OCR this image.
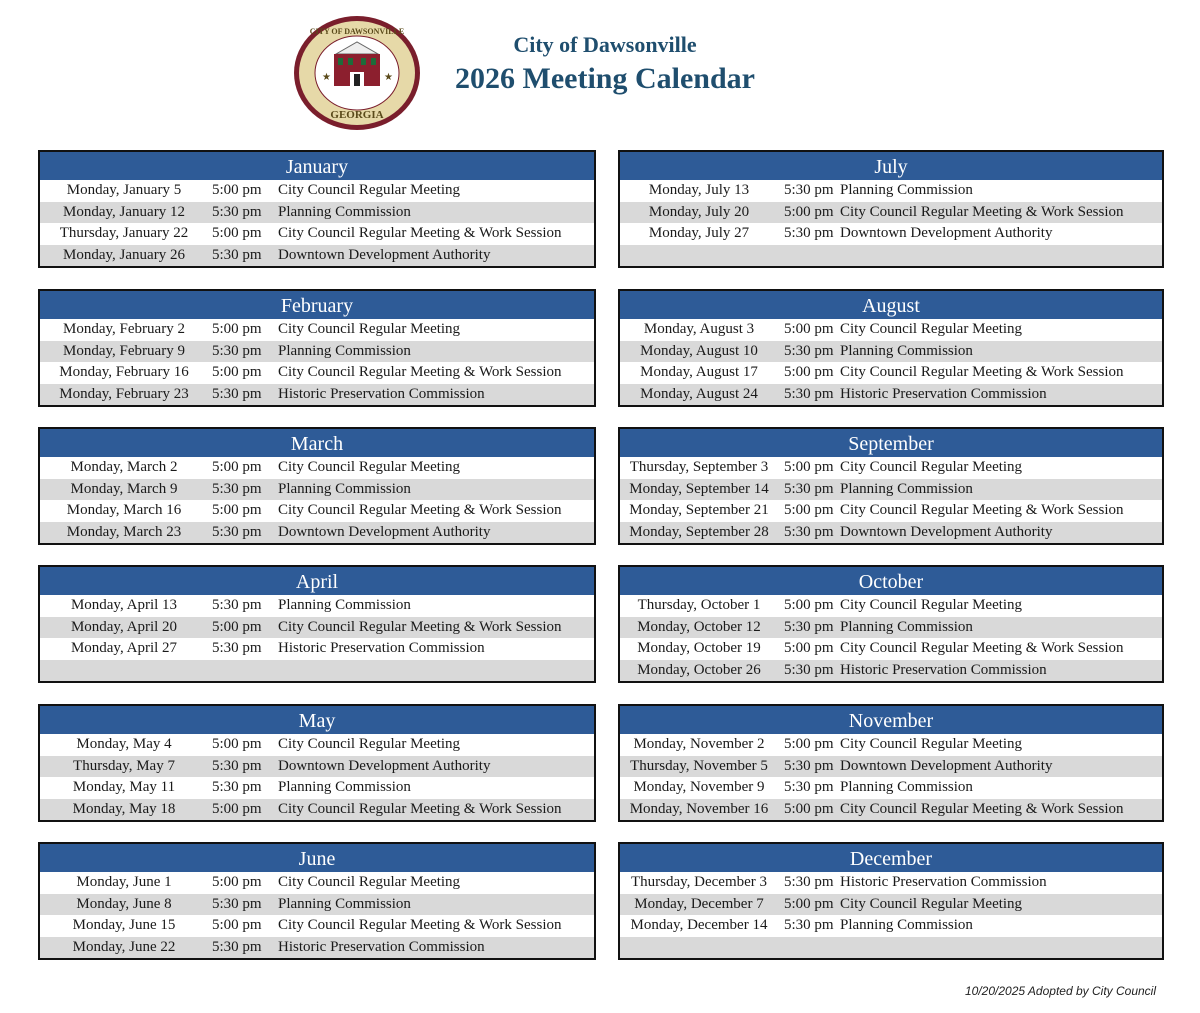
GEORGIA
CITY OF DAWSONVILLE
★	★
City of Dawsonville
2026 Meeting Calendar
January
Monday, January 5	5:00 pm	City Council Regular Meeting
Monday, January 12	5:30 pm	Planning Commission
Thursday, January 22	5:00 pm	City Council Regular Meeting & Work Session
Monday, January 26	5:30 pm	Downtown Development Authority
February
Monday, February 2	5:00 pm	City Council Regular Meeting
Monday, February 9	5:30 pm	Planning Commission
Monday, February 16	5:00 pm	City Council Regular Meeting & Work Session
Monday, February 23	5:30 pm	Historic Preservation Commission
March
Monday, March 2	5:00 pm	City Council Regular Meeting
Monday, March 9	5:30 pm	Planning Commission
Monday, March 16	5:00 pm	City Council Regular Meeting & Work Session
Monday, March 23	5:30 pm	Downtown Development Authority
April
Monday, April 13	5:30 pm	Planning Commission
Monday, April 20	5:00 pm	City Council Regular Meeting & Work Session
Monday, April 27	5:30 pm	Historic Preservation Commission
May
Monday, May 4	5:00 pm	City Council Regular Meeting
Thursday, May 7	5:30 pm	Downtown Development Authority
Monday, May 11	5:30 pm	Planning Commission
Monday, May 18	5:00 pm	City Council Regular Meeting & Work Session
June
Monday, June 1	5:00 pm	City Council Regular Meeting
Monday, June 8	5:30 pm	Planning Commission
Monday, June 15	5:00 pm	City Council Regular Meeting & Work Session
Monday, June 22	5:30 pm	Historic Preservation Commission
July
Monday, July 13	5:30 pm Planning Commission
Monday, July 20	5:00 pm City Council Regular Meeting & Work Session
Monday, July 27	5:30 pm Downtown Development Authority
August
Monday, August 3	5:00 pm City Council Regular Meeting
Monday, August 10	5:30 pm Planning Commission
Monday, August 17	5:00 pm City Council Regular Meeting & Work Session
Monday, August 24	5:30 pm Historic Preservation Commission
September
Thursday, September 3	5:00 pm City Council Regular Meeting
Monday, September 14	5:30 pm Planning Commission
Monday, September 21	5:00 pm City Council Regular Meeting & Work Session
Monday, September 28	5:30 pm Downtown Development Authority
October
Thursday, October 1	5:00 pm City Council Regular Meeting
Monday, October 12	5:30 pm Planning Commission
Monday, October 19	5:00 pm City Council Regular Meeting & Work Session
Monday, October 26	5:30 pm Historic Preservation Commission
November
Monday, November 2	5:00 pm City Council Regular Meeting
Thursday, November 5	5:30 pm Downtown Development Authority
Monday, November 9	5:30 pm Planning Commission
Monday, November 16	5:00 pm City Council Regular Meeting & Work Session
December
Thursday, December 3	5:30 pm Historic Preservation Commission
Monday, December 7	5:00 pm City Council Regular Meeting
Monday, December 14	5:30 pm Planning Commission
10/20/2025 Adopted by City Council
